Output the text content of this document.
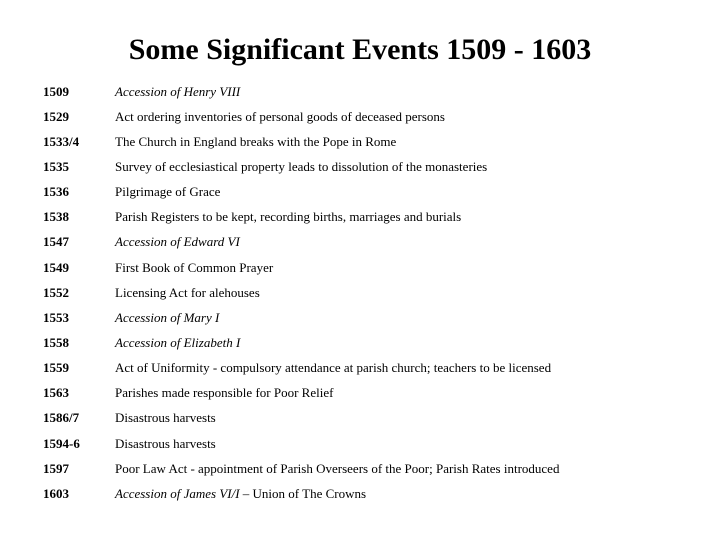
Some Significant Events 1509 - 1603
1509	Accession of Henry VIII
1529	Act ordering inventories of personal goods of deceased persons
1533/4	The Church in England breaks with the Pope in Rome
1535	Survey of ecclesiastical property leads to dissolution of the monasteries
1536	Pilgrimage of Grace
1538	Parish Registers to be kept, recording births, marriages and burials
1547	Accession of Edward VI
1549	First Book of Common Prayer
1552	Licensing Act for alehouses
1553	Accession of Mary I
1558	Accession of Elizabeth I
1559	Act of Uniformity - compulsory attendance at parish church; teachers to be licensed
1563	Parishes made responsible for Poor Relief
1586/7	Disastrous harvests
1594-6	Disastrous harvests
1597	Poor Law Act - appointment of Parish Overseers of the Poor; Parish Rates introduced
1603	Accession of James VI/I – Union of The Crowns
